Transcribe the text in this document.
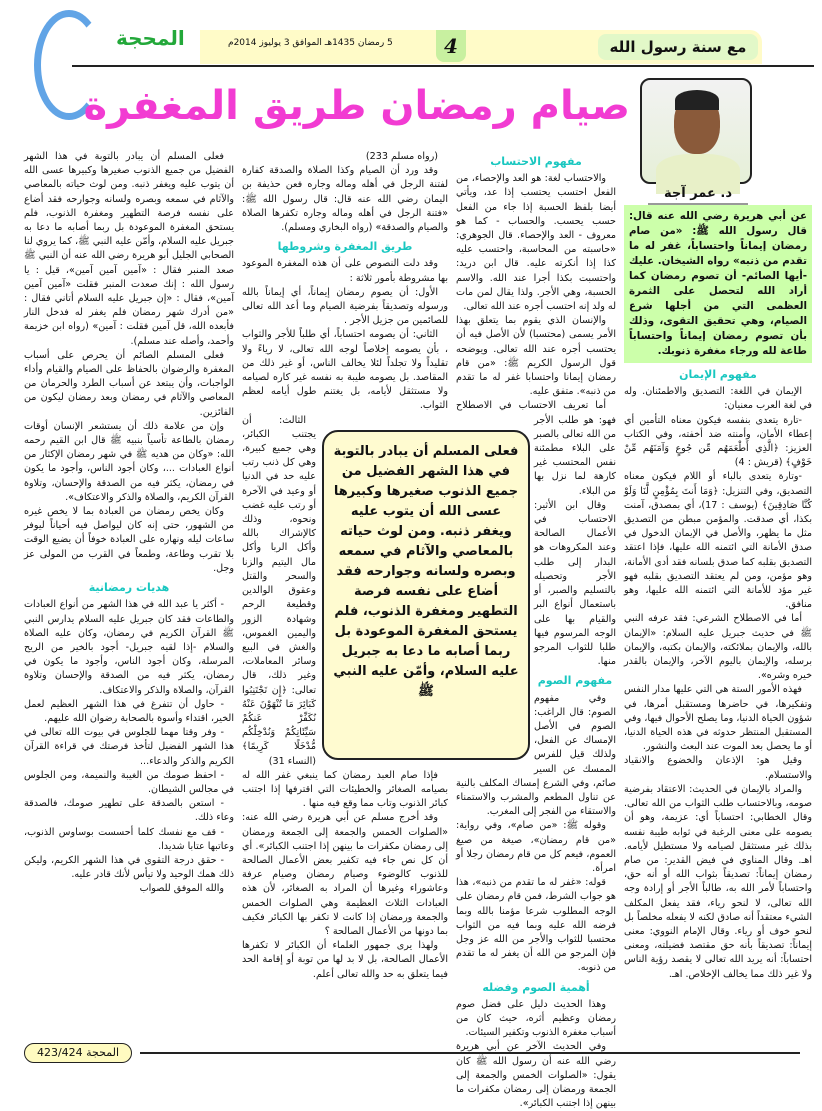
مع سنة رسول الله
4
5 رمضان 1435هـ الموافق 3 يوليوز 2014م
المحجة
صيام رمضان طريق المغفرة
د. عمر آجة
عن أبي هريرة رضي الله عنه قال: قال رسول الله ﷺ: «من صام رمضان إيماناً واحتساباً، غفر له ما تقدم من ذنبه» رواه الشيخان. عليك -أيها الصائم- أن تصوم رمضان كما أراد الله لتحصل على الثمرة العظمى التي من أجلها شرع الصيام، وهي تحقيق التقوى، وذلك بأن تصوم رمضان إيماناً واحتساباً طاعة لله ورجاء مغفرة ذنوبك.
مفهوم الإيمان

الإيمان في اللغة: التصديق والاطمئنان. وله في لغة العرب معنيان:

-تارة يتعدى بنفسه فيكون معناه التأمين أي إعطاء الأمان، وأمنته ضد أخفته، وفي الكتاب العزيز: ﴿الَّذِي أَطْعَمَهُم مِّن جُوعٍ وَآمَنَهُم مِّنْ خَوْفٍ﴾ (قريش : 4)

-وتارة يتعدى بالباء أو اللام فيكون معناه التصديق، وفي التنزيل: ﴿وَمَا أَنتَ بِمُؤْمِنٍ لَّنَا وَلَوْ كُنَّا صَادِقِينَ﴾ (يوسف : 17)، أي بمصدق، آمنت بكذا، أي صدقت. والمؤمن مبطن من التصديق مثل ما يظهر، والأصل في الإيمان الدخول في صدق الأمانة التي ائتمنه الله عليها، فإذا اعتقد التصديق بقلبه كما صدق بلسانه فقد أدى الأمانة، وهو مؤمن، ومن لم يعتقد التصديق بقلبه فهو غير مؤد للأمانة التي ائتمنه الله عليها، وهو منافق.

أما في الاصطلاح الشرعي: فقد عرفه النبي ﷺ في حديث جبريل عليه السلام: «الإيمان بالله، والإيمان بملائكته، والإيمان بكتبه، والإيمان برسله، والإيمان باليوم الآخر، والإيمان بالقدر خيره وشره».

فهذه الأمور الستة هي التي عليها مدار النفس وتفكيرها، في حاضرها ومستقبل أمرها، في شؤون الحياة الدنيا، وما يصلح الأحوال فيها، وفي المستقبل المنتظر حدوثه في هذه الحياة الدنيا، أو ما يحصل بعد الموت عند البعث والنشور.

وقيل هو: الإذعان والخضوع والانقياد والاستسلام.

والمراد بالإيمان في الحديث: الاعتقاد بفرضية صومه، وبالاحتساب طلب الثواب من الله تعالى. وقال الخطابي: احتساباً أي: عزيمة، وهو أن يصومه على معنى الرغبة في ثوابه طيبة نفسه بذلك غير مستثقل لصيامه ولا مستطيل لأيامه. اهـ. وقال المناوي في فيض القدير: من صام رمضان إيماناً: تصديقاً بثواب الله أو أنه حق، واحتساباً لأمر الله به، طالباً الأجر أو إرادة وجه الله تعالى، لا لنحو رياء، فقد يفعل المكلف الشيء معتقداً أنه صادق لكنه لا يفعله مخلصاً بل لنحو خوف أو رياء. وقال الإمام النووي: معنى إيماناً: تصديقاً بأنه حق مقتصد فضيلته، ومعنى احتساباً: أنه يريد الله تعالى لا يقصد رؤية الناس ولا غير ذلك مما يخالف الإخلاص. اهـ.

مفهوم الاحتساب

والاحتساب لغة: هو العد والإحصاء، من الفعل احتسب يحتسب إذا عد، ويأتي أيضا بلفظ الحسبة إذا جاء من الفعل حسب يحسب. والحساب - كما هو معروف - العد والإحصاء. قال الجوهري: «حاسبته من المحاسبة، واحتسب عليه كذا إذا أنكرته عليه. قال ابن دريد: واحتسبت بكذا أجرا عند الله. والاسم الحسبة، وهي الأجر. ولذا يقال لمن مات له ولد إنه احتسب أجره عند الله تعالى.

والإنسان الذي يقوم بما يتعلق بهذا الأمر يسمى (محتسبا) لأن الأصل فيه أن يحتسب أجره عند الله تعالى. ويوضحه قول الرسول الكريم ﷺ: «من قام رمضان إيمانا واحتسابا غفر له ما تقدم من ذنبه». متفق عليه.

أما تعريف الاحتساب في الاصطلاح فهو: هو طلب الأجر من الله تعالى بالصبر على البلاء مطمئنة نفس المحتسب غير كارهة لما نزل بها من البلاء.

وقال ابن الأثير: الاحتساب في الأعمال الصالحة وعند المكروهات هو البدار إلى طلب الأجر وتحصيله بالتسليم والصبر، أو باستعمال أنواع البر والقيام بها على الوجه المرسوم فيها طلبا للثواب المرجو منها.

مفهوم الصوم

وفي مفهوم الصوم: قال الراغب: الصوم في الأصل الإمساك عن الفعل، ولذلك قيل للفرس الممسك عن السير صائم، وفي الشرع إمساك المكلف بالنية عن تناول المطعم والمشرب والاستمناء والاستقاء من الفجر إلى المغرب.

وقوله ﷺ: «من صام»، وفي رواية: «من قام رمضان»، صيغة من صيغ العموم، فيعم كل من قام رمضان رجلا أو امرأة.

قوله: «غفر له ما تقدم من ذنبه»، هذا هو جواب الشرط، فمن قام رمضان على الوجه المطلوب شرعا مؤمنا بالله وبما فرضه الله عليه وبما فيه من الثواب محتسبا للثواب والأجر من الله عز وجل فإن المرجو من الله أن يغفر له ما تقدم من ذنوبه.

أهمية الصوم وفضله

وهذا الحديث دليل على فضل صوم رمضان وعظيم أثره، حيث كان من أسباب مغفرة الذنوب وتكفير السيئات.

وفي الحديث الآخر عن أبي هريرة رضي الله عنه أن رسول الله ﷺ كان يقول: «الصلوات الخمس والجمعة إلى الجمعة ورمضان إلى رمضان مكفرات ما بينهن إذا اجتنب الكبائر».

(رواه مسلم 233)

وقد ورد أن الصيام وكذا الصلاة والصدقة كفارة لفتنة الرجل في أهله وماله وجاره فعن حذيفة بن اليمان رضي الله عنه قال: قال رسول الله ﷺ: «فتنة الرجل في أهله وماله وجاره تكفرها الصلاة والصيام والصدقة» (رواه البخاري ومسلم).

طريق المغفرة وشروطها

وقد دلت النصوص على أن هذه المغفرة الموعود بها مشروطة بأمور ثلاثة :

الأول: أن يصوم رمضان إيماناً، أي إيماناً بالله ورسوله وتصديقاً بفرضية الصيام وما أعد الله تعالى للصائمين من جزيل الأجر .

الثاني: أن يصومه احتساباً، أي طلباً للأجر والثواب ، بأن يصومه إخلاصاً لوجه الله تعالى، لا رياءً ولا تقليداً ولا تجلداً لئلا يخالف الناس، أو غير ذلك من المقاصد. بل يصومه طيبة به نفسه غير كاره لصيامه ولا مستثقل لأيامه، بل يغتنم طول أيامه لعظم الثواب.

الثالث: أن يجتنب الكبائر، وهي جميع كبيرة، وهي كل ذنب رتب عليه حد في الدنيا أو وعيد في الآخرة أو رتب عليه غضب ونحوه، وذلك كالإشراك بالله وأكل الربا وأكل مال اليتيم والزنا والسحر والقتل وعقوق الوالدين وقطيعة الرحم وشهادة الزور واليمين الغموس، والغش في البيع وسائر المعاملات، وغير ذلك، قال تعالى: ﴿إِن تَجْتَنِبُوا كَبَائِرَ مَا تُنْهَوْنَ عَنْهُ نُكَفِّرْ عَنكُمْ سَيِّئَاتِكُمْ وَنُدْخِلْكُم مُّدْخَلًا كَرِيمًا﴾ (النساء 31)

فإذا صام العبد رمضان كما ينبغي غفر الله له بصيامه الصغائر والخطيئات التي اقترفها إذا اجتنب كبائر الذنوب وتاب مما وقع فيه منها .

وقد أخرج مسلم عن أبي هريرة رضي الله عنه: «الصلوات الخمس والجمعة إلى الجمعة ورمضان إلى رمضان مكفرات ما بينهن إذا اجتنب الكبائر». أي أن كل نص جاء فيه تكفير بعض الأعمال الصالحة للذنوب كالوضوء وصيام رمضان وصيام عرفة وعاشوراء وغيرها أن المراد به الصغائر، لأن هذه العبادات الثلاث العظيمة وهي الصلوات الخمس والجمعة ورمضان إذا كانت لا تكفر بها الكبائر فكيف بما دونها من الأعمال الصالحة ؟

ولهذا يرى جمهور العلماء أن الكبائر لا تكفرها الأعمال الصالحة، بل لا بد لها من توبة أو إقامة الحد فيما يتعلق به حد والله تعالى أعلم.

فعلى المسلم أن يبادر بالتوبة في هذا الشهر الفضيل من جميع الذنوب صغيرها وكبيرها عسى الله أن يتوب عليه ويغفر ذنبه. ومن لوث حياته بالمعاصي والآثام في سمعه وبصره ولسانه وجوارحه فقد أضاع على نفسه فرصة التطهير ومغفرة الذنوب، فلم يستحق المغفرة الموعودة بل ربما أصابه ما دعا به جبريل عليه السلام، وأمّن عليه النبي ﷺ، كما يروي لنا الصحابي الجليل أبو هريرة رضي الله عنه أن النبي ﷺ صعد المنبر فقال : «آمين آمين آمين»، قيل : يا رسول الله : إنك صعدت المنبر فقلت «آمين آمين آمين»، فقال : «إن جبريل عليه السلام أتاني فقال : «من أدرك شهر رمضان فلم يغفر له فدخل النار فأبعده الله، قل آمين فقلت : آمين» (رواه ابن خزيمة وأحمد، وأصله عند مسلم).

فعلى المسلم الصائم أن يحرص على أسباب المغفرة والرضوان بالحفاظ على الصيام والقيام وأداء الواجبات، وأن يبتعد عن أسباب الطرد والحرمان من المعاصي والآثام في رمضان وبعد رمضان ليكون من الفائزين.

وإن من علامة ذلك أن يستشعر الإنسان أوقات رمضان بالطاعة تأسياً بنبيه ﷺ قال ابن القيم رحمه الله: «وكان من هديه ﷺ في شهر رمضان الإكثار من أنواع العبادات ...، وكان أجود الناس، وأجود ما يكون في رمضان، يكثر فيه من الصدقة والإحسان، وتلاوة القرآن الكريم، والصلاة والذكر والاعتكاف».

وكان يخص رمضان من العبادة بما لا يخص غيره من الشهور، حتى إنه كان ليواصل فيه أحياناً ليوفر ساعات ليله ونهاره على العبادة خوفاً أن يضيع الوقت بلا تقرب وطاعة، وطمعاً في القرب من المولى عز وجل.

هديات رمضانية

- أكثر يا عبد الله في هذا الشهر من أنواع العبادات والطاعات فقد كان جبريل عليه السلام يدارس النبي ﷺ القرآن الكريم في رمضان، وكان عليه الصلاة والسلام -إذا لقيه جبريل- أجود بالخير من الريح المرسلة، وكان أجود الناس، وأجود ما يكون في رمضان، يكثر فيه من الصدقة والإحسان وتلاوة القرآن، والصلاة والذكر والاعتكاف.

- حاول أن تتفرغ في هذا الشهر العظيم لعمل الخير، اقتداء وأسوة بالصحابة رضوان الله عليهم.

- وفر وقتا مهما للجلوس في بيوت الله تعالى في هذا الشهر الفضيل لتأخذ فرصتك في قراءة القرآن الكريم والذكر والدعاء...

- احفظ صومك من الغيبة والنميمة، ومن الجلوس في مجالس الشيطان.

- استعن بالصدقة على تطهير صومك، فالصدقة وعاء ذلك.

- قف مع نفسك كلما أحسست بوساوس الذنوب، وعاتبها عتابا شديدا.

- حقق درجة التقوى في هذا الشهر الكريم، وليكن ذلك همك الوحيد ولا تيأس لأنك قادر عليه.

والله الموفق للصواب

فعلى المسلم أن يبادر بالتوبة في هذا الشهر الفضيل من جميع الذنوب صغيرها وكبيرها عسى الله أن يتوب عليه ويغفر ذنبه. ومن لوث حياته بالمعاصي والآثام في سمعه وبصره ولسانه وجوارحه فقد أضاع على نفسه فرصة التطهير ومغفرة الذنوب، فلم يستحق المغفرة الموعودة بل ربما أصابه ما دعا به جبريل عليه السلام، وأمّن عليه النبي ﷺ
المحجة 423/424
